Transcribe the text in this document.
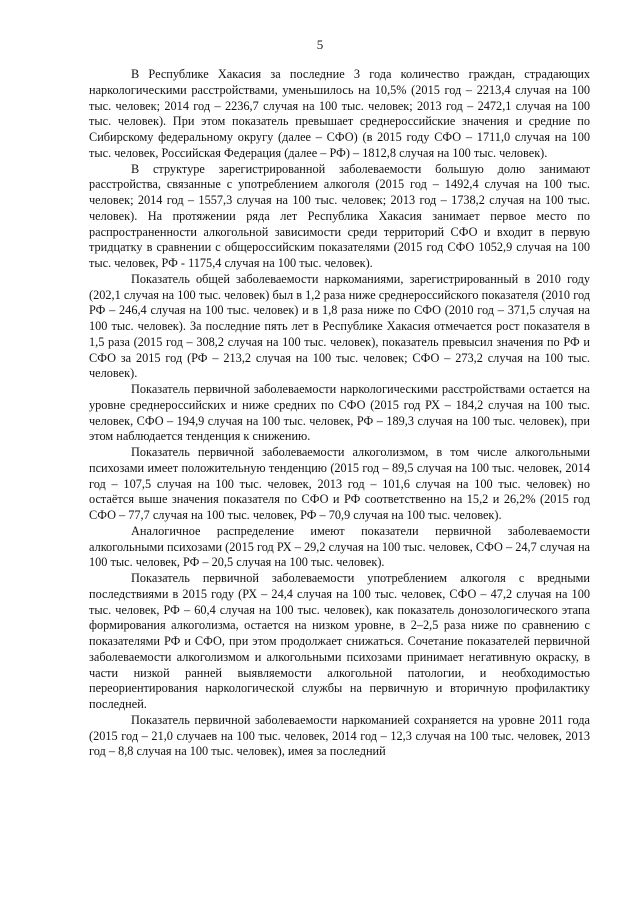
5

В Республике Хакасия за последние 3 года количество граждан, страдающих наркологическими расстройствами, уменьшилось на 10,5% (2015 год – 2213,4 случая на 100 тыс. человек; 2014 год – 2236,7 случая на 100 тыс. человек; 2013 год – 2472,1 случая на 100 тыс. человек). При этом показатель превышает среднероссийские значения и средние по Сибирскому федеральному округу (далее – СФО) (в 2015 году СФО – 1711,0 случая на 100 тыс. человек, Российская Федерация (далее – РФ) – 1812,8 случая на 100 тыс. человек).

В структуре зарегистрированной заболеваемости большую долю занимают расстройства, связанные с употреблением алкоголя (2015 год – 1492,4 случая на 100 тыс. человек; 2014 год – 1557,3 случая на 100 тыс. человек; 2013 год – 1738,2 случая на 100 тыс. человек). На протяжении ряда лет Республика Хакасия занимает первое место по распространенности алкогольной зависимости среди территорий СФО и входит в первую тридцатку в сравнении с общероссийским показателями (2015 год СФО 1052,9 случая на 100 тыс. человек, РФ - 1175,4 случая на 100 тыс. человек).

Показатель общей заболеваемости наркоманиями, зарегистрированный в 2010 году (202,1 случая на 100 тыс. человек) был в 1,2 раза ниже среднероссийского показателя (2010 год РФ – 246,4 случая на 100 тыс. человек) и в 1,8 раза ниже по СФО (2010 год – 371,5 случая на 100 тыс. человек). За последние пять лет в Республике Хакасия отмечается рост показателя в 1,5 раза (2015 год – 308,2 случая на 100 тыс. человек), показатель превысил значения по РФ и СФО за 2015 год (РФ – 213,2 случая на 100 тыс. человек; СФО – 273,2 случая на 100 тыс. человек).

Показатель первичной заболеваемости наркологическими расстройствами остается на уровне среднероссийских и ниже средних по СФО (2015 год РХ – 184,2 случая на 100 тыс. человек, СФО – 194,9 случая на 100 тыс. человек, РФ – 189,3 случая на 100 тыс. человек), при этом наблюдается тенденция к снижению.

Показатель первичной заболеваемости алкоголизмом, в том числе алкогольными психозами имеет положительную тенденцию (2015 год – 89,5 случая на 100 тыс. человек, 2014 год – 107,5 случая на 100 тыс. человек, 2013 год – 101,6 случая на 100 тыс. человек) но остаётся выше значения показателя по СФО и РФ соответственно на 15,2 и 26,2% (2015 год СФО – 77,7 случая на 100 тыс. человек, РФ – 70,9 случая на 100 тыс. человек).

Аналогичное распределение имеют показатели первичной заболеваемости алкогольными психозами (2015 год РХ – 29,2 случая на 100 тыс. человек, СФО – 24,7 случая на 100 тыс. человек, РФ – 20,5 случая на 100 тыс. человек).

Показатель первичной заболеваемости употреблением алкоголя с вредными последствиями в 2015 году (РХ – 24,4 случая на 100 тыс. человек, СФО – 47,2 случая на 100 тыс. человек, РФ – 60,4 случая на 100 тыс. человек), как показатель донозологического этапа формирования алкоголизма, остается на низком уровне, в 2–2,5 раза ниже по сравнению с показателями РФ и СФО, при этом продолжает снижаться. Сочетание показателей первичной заболеваемости алкоголизмом и алкогольными психозами принимает негативную окраску, в части низкой ранней выявляемости алкогольной патологии, и необходимостью переориентирования наркологической службы на первичную и вторичную профилактику последней.

Показатель первичной заболеваемости наркоманией сохраняется на уровне 2011 года (2015 год – 21,0 случаев на 100 тыс. человек, 2014 год – 12,3 случая на 100 тыс. человек, 2013 год – 8,8 случая на 100 тыс. человек), имея за последний
